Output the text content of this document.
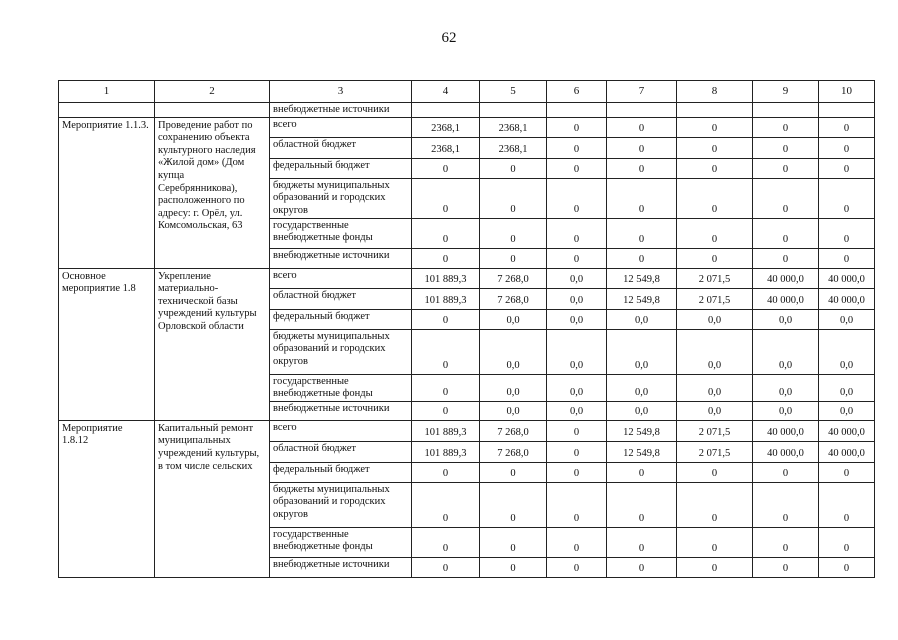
62
1	2	3	4	5	6	7	8	9	10
		внебюджетные источники							
Мероприятие 1.1.3.	Проведение работ по сохранению объекта культурного наследия «Жилой дом» (Дом купца Серебрянникова), расположенного по адресу: г. Орёл, ул. Комсомольская, 63	всего	2368,1	2368,1	0	0	0	0	0
		областной бюджет	2368,1	2368,1	0	0	0	0	0
		федеральный бюджет	0	0	0	0	0	0	0
		бюджеты муниципальных образований и городских округов	0	0	0	0	0	0	0
		государственные внебюджетные фонды	0	0	0	0	0	0	0
		внебюджетные источники	0	0	0	0	0	0	0
Основное мероприятие 1.8	Укрепление материально-технической базы учреждений культуры Орловской области	всего	101 889,3	7 268,0	0,0	12 549,8	2 071,5	40 000,0	40 000,0
		областной бюджет	101 889,3	7 268,0	0,0	12 549,8	2 071,5	40 000,0	40 000,0
		федеральный бюджет	0	0,0	0,0	0,0	0,0	0,0	0,0
		бюджеты муниципальных образований и городских округов	0	0,0	0,0	0,0	0,0	0,0	0,0
		государственные внебюджетные фонды	0	0,0	0,0	0,0	0,0	0,0	0,0
		внебюджетные источники	0	0,0	0,0	0,0	0,0	0,0	0,0
Мероприятие 1.8.12	Капитальный ремонт муниципальных учреждений культуры, в том числе сельских	всего	101 889,3	7 268,0	0	12 549,8	2 071,5	40 000,0	40 000,0
		областной бюджет	101 889,3	7 268,0	0	12 549,8	2 071,5	40 000,0	40 000,0
		федеральный бюджет	0	0	0	0	0	0	0
		бюджеты муниципальных образований и городских округов	0	0	0	0	0	0	0
		государственные внебюджетные фонды	0	0	0	0	0	0	0
		внебюджетные источники	0	0	0	0	0	0	0
